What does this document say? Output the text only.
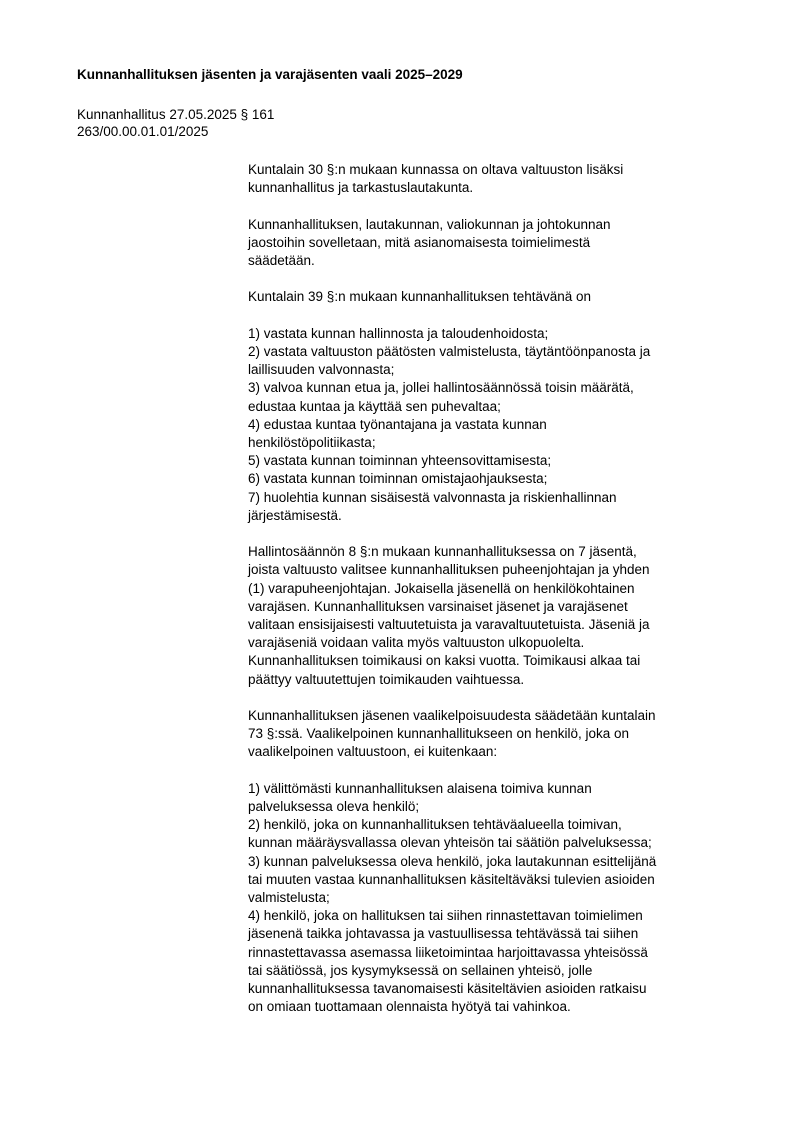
Kunnanhallituksen jäsenten ja varajäsenten vaali 2025–2029
Kunnanhallitus 27.05.2025 § 161
263/00.00.01.01/2025
Kuntalain 30 §:n mukaan kunnassa on oltava valtuuston lisäksi
kunnanhallitus ja tarkastuslautakunta.
Kunnanhallituksen, lautakunnan, valiokunnan ja johtokunnan
jaostoihin sovelletaan, mitä asianomaisesta toimielimestä
säädetään.
Kuntalain 39 §:n mukaan kunnanhallituksen tehtävänä on
1) vastata kunnan hallinnosta ja taloudenhoidosta;
2) vastata valtuuston päätösten valmistelusta, täytäntöönpanosta ja
laillisuuden valvonnasta;
3) valvoa kunnan etua ja, jollei hallintosäännössä toisin määrätä,
edustaa kuntaa ja käyttää sen puhevaltaa;
4) edustaa kuntaa työnantajana ja vastata kunnan
henkilöstöpolitiikasta;
5) vastata kunnan toiminnan yhteensovittamisesta;
6) vastata kunnan toiminnan omistajaohjauksesta;
7) huolehtia kunnan sisäisestä valvonnasta ja riskienhallinnan
järjestämisestä.
Hallintosäännön 8 §:n mukaan kunnanhallituksessa on 7 jäsentä,
joista valtuusto valitsee kunnanhallituksen puheenjohtajan ja yhden
(1) varapuheenjohtajan. Jokaisella jäsenellä on henkilökohtainen
varajäsen. Kunnanhallituksen varsinaiset jäsenet ja varajäsenet
valitaan ensisijaisesti valtuutetuista ja varavaltuutetuista. Jäseniä ja
varajäseniä voidaan valita myös valtuuston ulkopuolelta.
Kunnanhallituksen toimikausi on kaksi vuotta. Toimikausi alkaa tai
päättyy valtuutettujen toimikauden vaihtuessa.
Kunnanhallituksen jäsenen vaalikelpoisuudesta säädetään kuntalain
73 §:ssä. Vaalikelpoinen kunnanhallitukseen on henkilö, joka on
vaalikelpoinen valtuustoon, ei kuitenkaan:
1) välittömästi kunnanhallituksen alaisena toimiva kunnan
palveluksessa oleva henkilö;
2) henkilö, joka on kunnanhallituksen tehtäväalueella toimivan,
kunnan määräysvallassa olevan yhteisön tai säätiön palveluksessa;
3) kunnan palveluksessa oleva henkilö, joka lautakunnan esittelijänä
tai muuten vastaa kunnanhallituksen käsiteltäväksi tulevien asioiden
valmistelusta;
4) henkilö, joka on hallituksen tai siihen rinnastettavan toimielimen
jäsenenä taikka johtavassa ja vastuullisessa tehtävässä tai siihen
rinnastettavassa asemassa liiketoimintaa harjoittavassa yhteisössä
tai säätiössä, jos kysymyksessä on sellainen yhteisö, jolle
kunnanhallituksessa tavanomaisesti käsiteltävien asioiden ratkaisu
on omiaan tuottamaan olennaista hyötyä tai vahinkoa.
